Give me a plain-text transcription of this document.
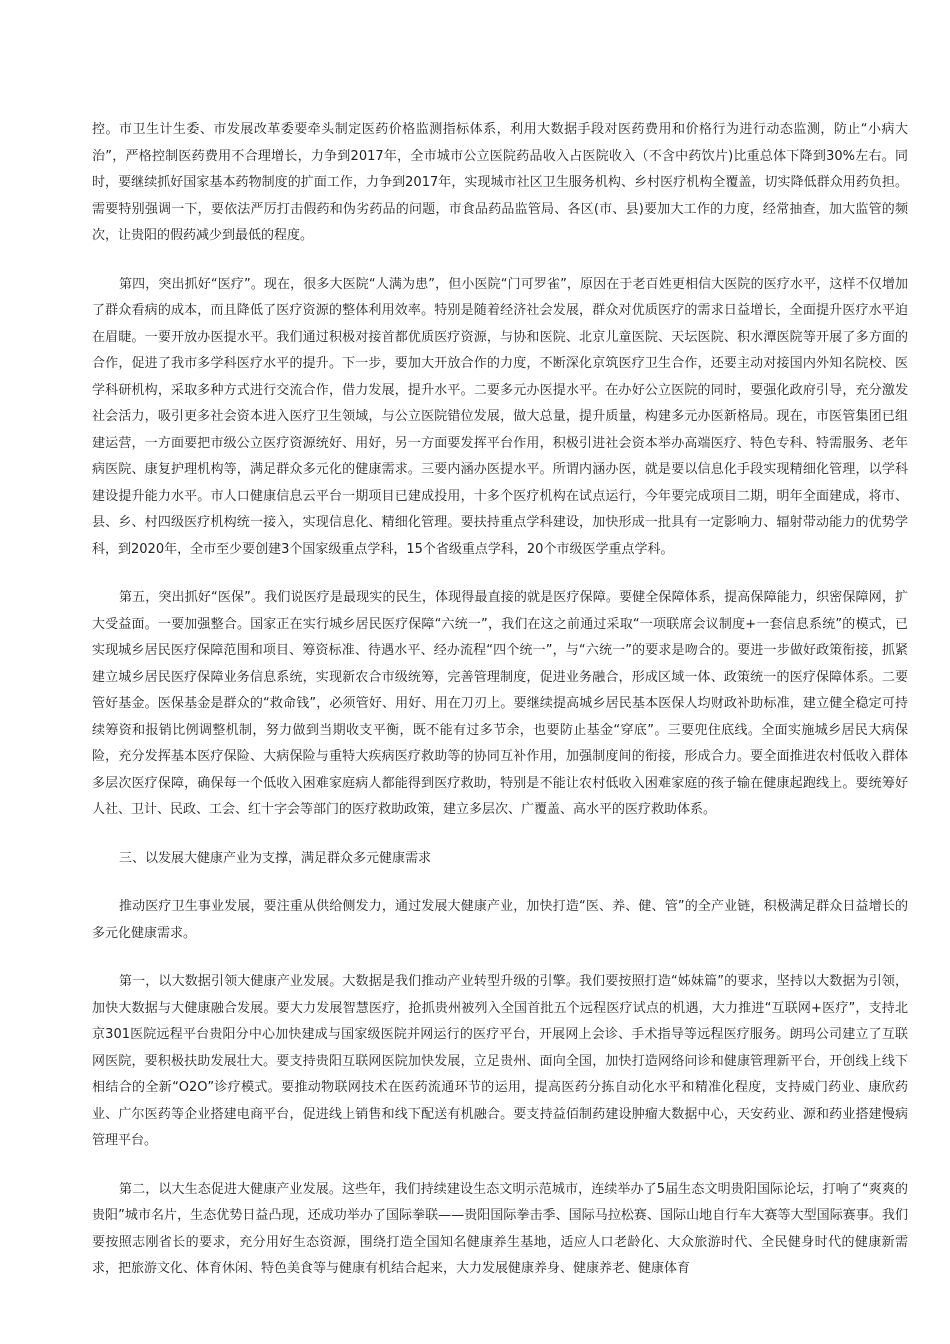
控。市卫生计生委、市发展改革委要牵头制定医药价格监测指标体系，利用大数据手段对医药费用和价格行为进行动态监测，防止“小病大治”，严格控制医药费用不合理增长，力争到2017年，全市城市公立医院药品收入占医院收入（不含中药饮片)比重总体下降到30%左右。同时，要继续抓好国家基本药物制度的扩面工作，力争到2017年，实现城市社区卫生服务机构、乡村医疗机构全覆盖，切实降低群众用药负担。需要特别强调一下，要依法严厉打击假药和伪劣药品的问题，市食品药品监管局、各区(市、县)要加大工作的力度，经常抽查，加大监管的频次，让贵阳的假药减少到最低的程度。

第四，突出抓好“医疗”。现在，很多大医院“人满为患”，但小医院“门可罗雀”，原因在于老百姓更相信大医院的医疗水平，这样不仅增加了群众看病的成本，而且降低了医疗资源的整体利用效率。特别是随着经济社会发展，群众对优质医疗的需求日益增长，全面提升医疗水平迫在眉睫。一要开放办医提水平。我们通过积极对接首都优质医疗资源，与协和医院、北京儿童医院、天坛医院、积水潭医院等开展了多方面的合作，促进了我市多学科医疗水平的提升。下一步，要加大开放合作的力度，不断深化京筑医疗卫生合作，还要主动对接国内外知名院校、医学科研机构，采取多种方式进行交流合作，借力发展，提升水平。二要多元办医提水平。在办好公立医院的同时，要强化政府引导，充分激发社会活力，吸引更多社会资本进入医疗卫生领域，与公立医院错位发展，做大总量，提升质量，构建多元办医新格局。现在，市医管集团已组建运营，一方面要把市级公立医疗资源统好、用好，另一方面要发挥平台作用，积极引进社会资本举办高端医疗、特色专科、特需服务、老年病医院、康复护理机构等，满足群众多元化的健康需求。三要内涵办医提水平。所谓内涵办医，就是要以信息化手段实现精细化管理，以学科建设提升能力水平。市人口健康信息云平台一期项目已建成投用，十多个医疗机构在试点运行，今年要完成项目二期，明年全面建成，将市、县、乡、村四级医疗机构统一接入，实现信息化、精细化管理。要扶持重点学科建设，加快形成一批具有一定影响力、辐射带动能力的优势学科，到2020年，全市至少要创建3个国家级重点学科，15个省级重点学科，20个市级医学重点学科。

第五，突出抓好“医保”。我们说医疗是最现实的民生，体现得最直接的就是医疗保障。要健全保障体系，提高保障能力，织密保障网，扩大受益面。一要加强整合。国家正在实行城乡居民医疗保障“六统一”，我们在这之前通过采取“一项联席会议制度+一套信息系统”的模式，已实现城乡居民医疗保障范围和项目、筹资标准、待遇水平、经办流程“四个统一”，与“六统一”的要求是吻合的。要进一步做好政策衔接，抓紧建立城乡居民医疗保障业务信息系统，实现新农合市级统筹，完善管理制度，促进业务融合，形成区域一体、政策统一的医疗保障体系。二要管好基金。医保基金是群众的“救命钱”，必须管好、用好、用在刀刃上。要继续提高城乡居民基本医保人均财政补助标准，建立健全稳定可持续筹资和报销比例调整机制，努力做到当期收支平衡，既不能有过多节余，也要防止基金“穿底”。三要兜住底线。全面实施城乡居民大病保险，充分发挥基本医疗保险、大病保险与重特大疾病医疗救助等的协同互补作用，加强制度间的衔接，形成合力。要全面推进农村低收入群体多层次医疗保障，确保每一个低收入困难家庭病人都能得到医疗救助，特别是不能让农村低收入困难家庭的孩子输在健康起跑线上。要统筹好人社、卫计、民政、工会、红十字会等部门的医疗救助政策，建立多层次、广覆盖、高水平的医疗救助体系。

三、以发展大健康产业为支撑，满足群众多元健康需求

推动医疗卫生事业发展，要注重从供给侧发力，通过发展大健康产业，加快打造“医、养、健、管”的全产业链，积极满足群众日益增长的多元化健康需求。

第一，以大数据引领大健康产业发展。大数据是我们推动产业转型升级的引擎。我们要按照打造“姊妹篇”的要求，坚持以大数据为引领，加快大数据与大健康融合发展。要大力发展智慧医疗，抢抓贵州被列入全国首批五个远程医疗试点的机遇，大力推进“互联网+医疗”，支持北京301医院远程平台贵阳分中心加快建成与国家级医院并网运行的医疗平台，开展网上会诊、手术指导等远程医疗服务。朗玛公司建立了互联网医院，要积极扶助发展壮大。要支持贵阳互联网医院加快发展，立足贵州、面向全国，加快打造网络问诊和健康管理新平台，开创线上线下相结合的全新“O2O”诊疗模式。要推动物联网技术在医药流通环节的运用，提高医药分拣自动化水平和精准化程度，支持威门药业、康欣药业、广尔医药等企业搭建电商平台，促进线上销售和线下配送有机融合。要支持益佰制药建设肿瘤大数据中心，天安药业、源和药业搭建慢病管理平台。

第二，以大生态促进大健康产业发展。这些年，我们持续建设生态文明示范城市，连续举办了5届生态文明贵阳国际论坛，打响了“爽爽的贵阳”城市名片，生态优势日益凸现，还成功举办了国际拳联——贵阳国际拳击季、国际马拉松赛、国际山地自行车大赛等大型国际赛事。我们要按照志刚省长的要求，充分用好生态资源，围绕打造全国知名健康养生基地，适应人口老龄化、大众旅游时代、全民健身时代的健康新需求，把旅游文化、体育休闲、特色美食等与健康有机结合起来，大力发展健康养身、健康养老、健康体育
